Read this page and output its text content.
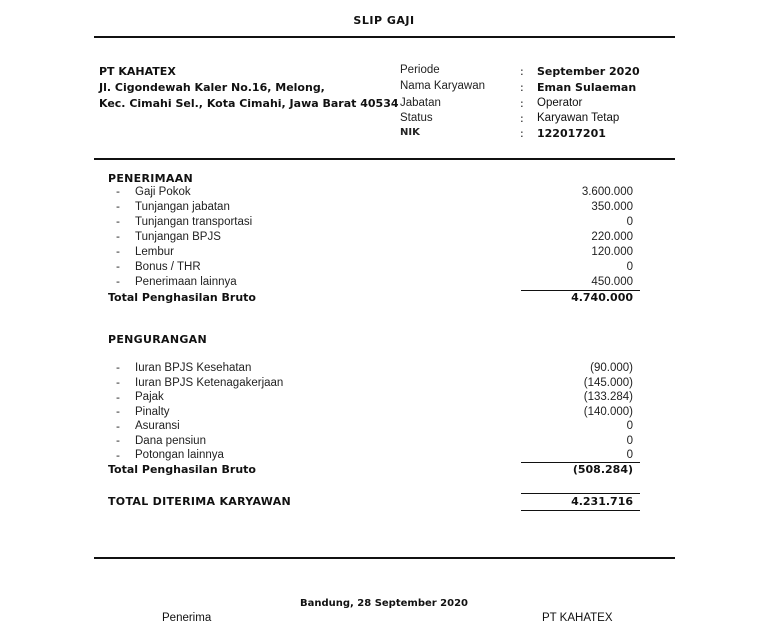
SLIP GAJI
PT KAHATEX
Jl. Cigondewah Kaler No.16, Melong,
Kec. Cimahi Sel., Kota Cimahi, Jawa Barat 40534
Periode	: September 2020
Nama Karyawan	: Eman Sulaeman
Jabatan	: Operator
Status	: Karyawan Tetap
NIK	: 122017201
PENERIMAAN
- Gaji Pokok	3.600.000
- Tunjangan jabatan	350.000
- Tunjangan transportasi	0
- Tunjangan BPJS	220.000
- Lembur	120.000
- Bonus / THR	0
- Penerimaan lainnya	450.000
Total Penghasilan Bruto	4.740.000
PENGURANGAN
- Iuran BPJS Kesehatan	(90.000)
- Iuran BPJS Ketenagakerjaan	(145.000)
- Pajak	(133.284)
- Pinalty	(140.000)
- Asuransi	0
- Dana pensiun	0
- Potongan lainnya	0
Total Penghasilan Bruto	(508.284)
TOTAL DITERIMA KARYAWAN	4.231.716
Bandung, 28 September 2020
Penerima	PT KAHATEX
